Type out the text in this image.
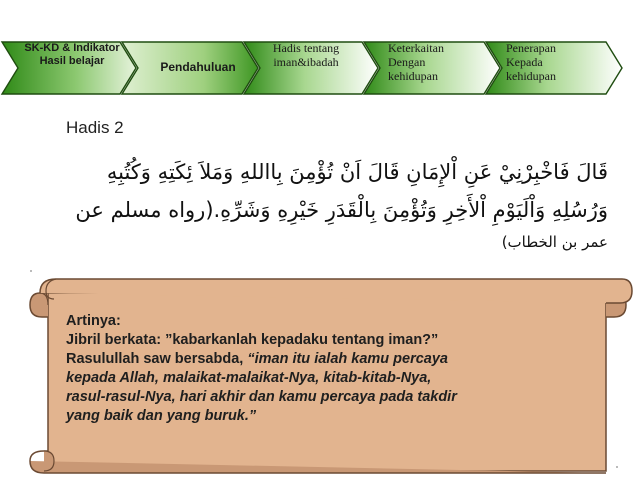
SK-KD & Indikator Hasil belajar	Pendahuluan
Hadis tentang iman&ibadah
Keterkaitan Dengan kehidupan
Penerapan Kepada kehidupan
Hadis 2
قَالَ فَاخْبِرْنِيْ عَنِ اْلإِمَانِ قَالَ اَنْ تُؤْمِنَ بِااللهِ وَمَلاَ ئِكَتِهِ وَكُتُبِهِ
وَرُسُلِهِ وَاْلَيَوْمِ اْلأَخِرِ وَتُؤْمِنَ بِالْقَدَرِ خَيْرِهِ وَشَرِّهِ.(رواه مسلم عن
عمر بن الخطاب)
Artinya:
Jibril berkata: ”kabarkanlah kepadaku tentang iman?”
Rasulullah saw bersabda, “iman itu ialah kamu percaya
kepada Allah, malaikat-malaikat-Nya, kitab-kitab-Nya,
rasul-rasul-Nya, hari akhir dan kamu percaya pada takdir
yang baik dan yang buruk.”
